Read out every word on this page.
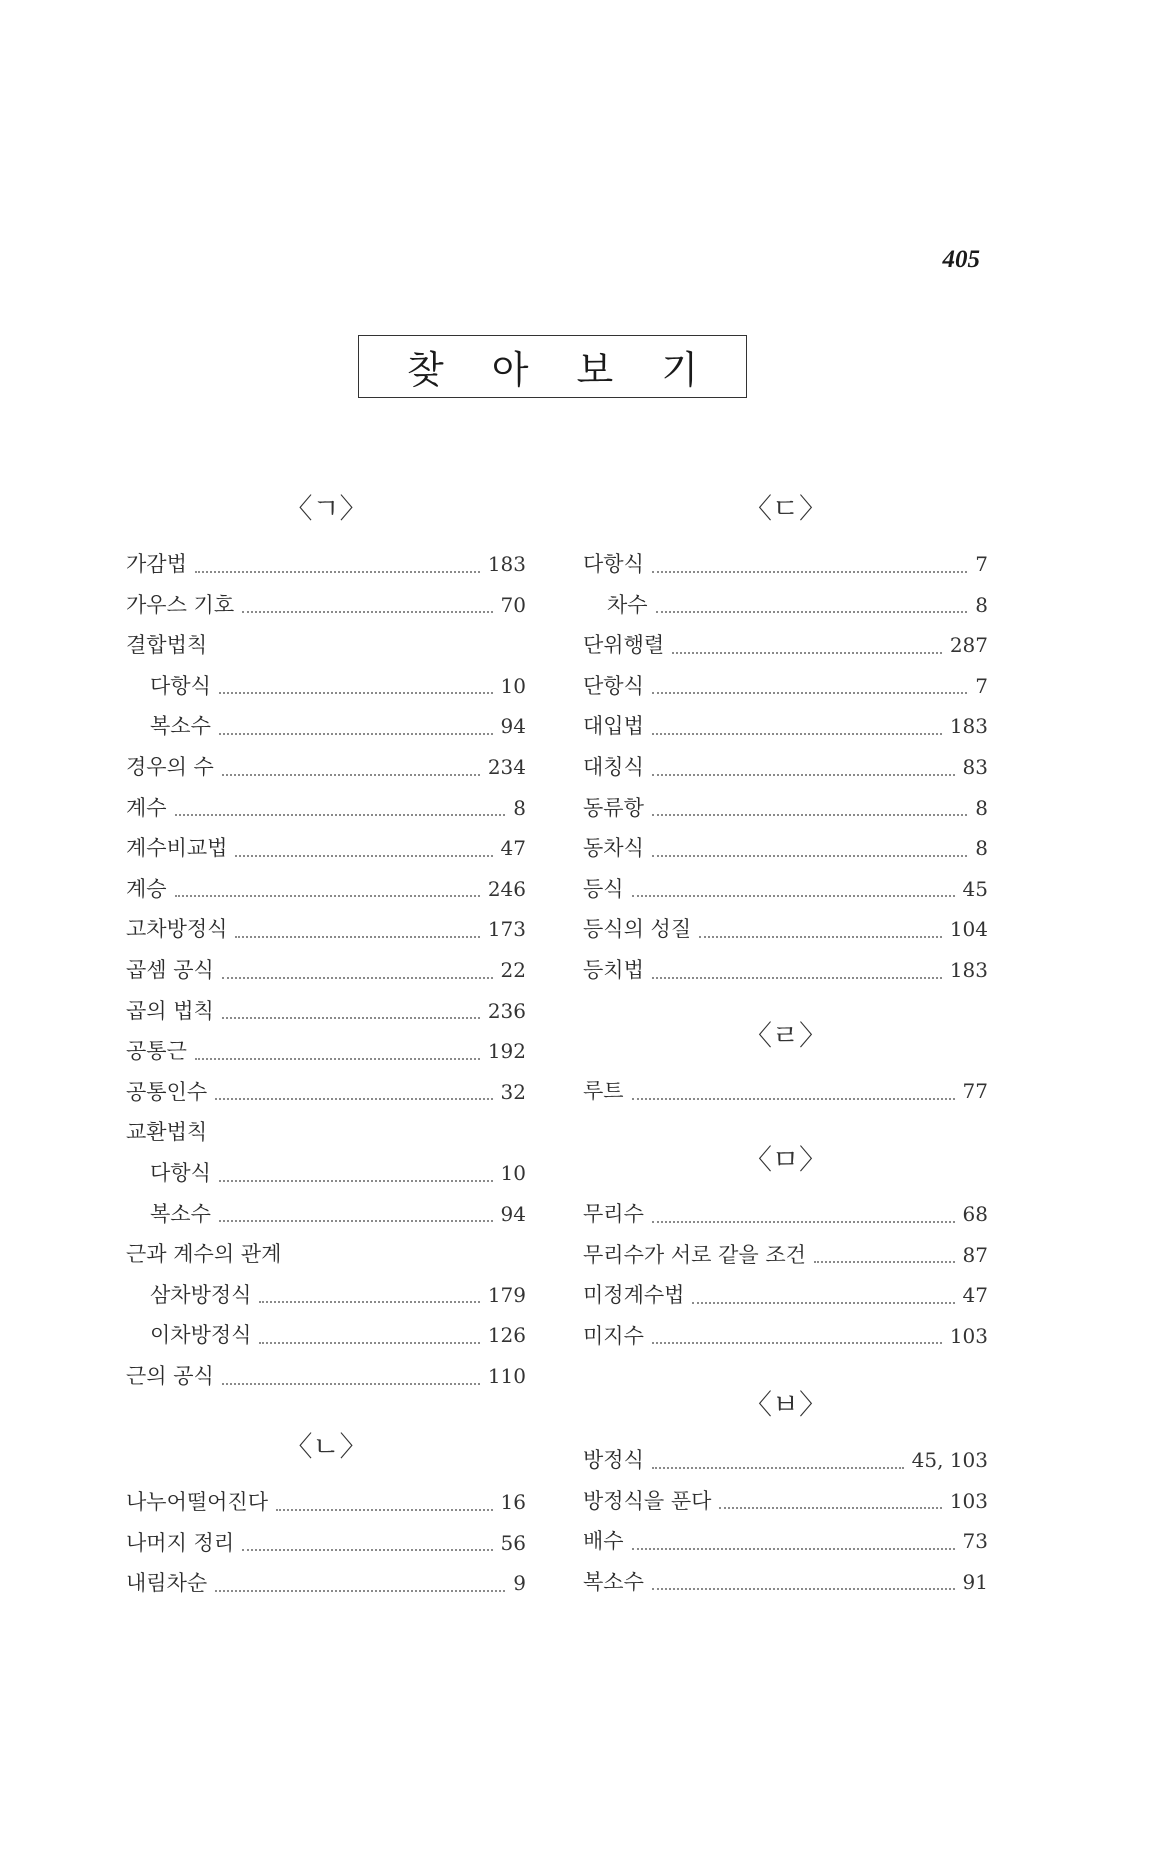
405
찾 아 보 기
〈ㄱ〉
가감법	183
가우스 기호	70
결합법칙
다항식	10
복소수	94
경우의 수	234
계수	8
계수비교법	47
계승	246
고차방정식	173
곱셈 공식	22
곱의 법칙	236
공통근	192
공통인수	32
교환법칙
다항식	10
복소수	94
근과 계수의 관계
삼차방정식	179
이차방정식	126
근의 공식	110
〈ㄴ〉
나누어떨어진다	16
나머지 정리	56
내림차순	9
〈ㄷ〉
다항식	7
차수	8
단위행렬	287
단항식	7
대입법	183
대칭식	83
동류항	8
동차식	8
등식	45
등식의 성질	104
등치법	183
〈ㄹ〉
루트	77
〈ㅁ〉
무리수	68
무리수가 서로 같을 조건	87
미정계수법	47
미지수	103
〈ㅂ〉
방정식	45, 103
방정식을 푼다	103
배수	73
복소수	91
